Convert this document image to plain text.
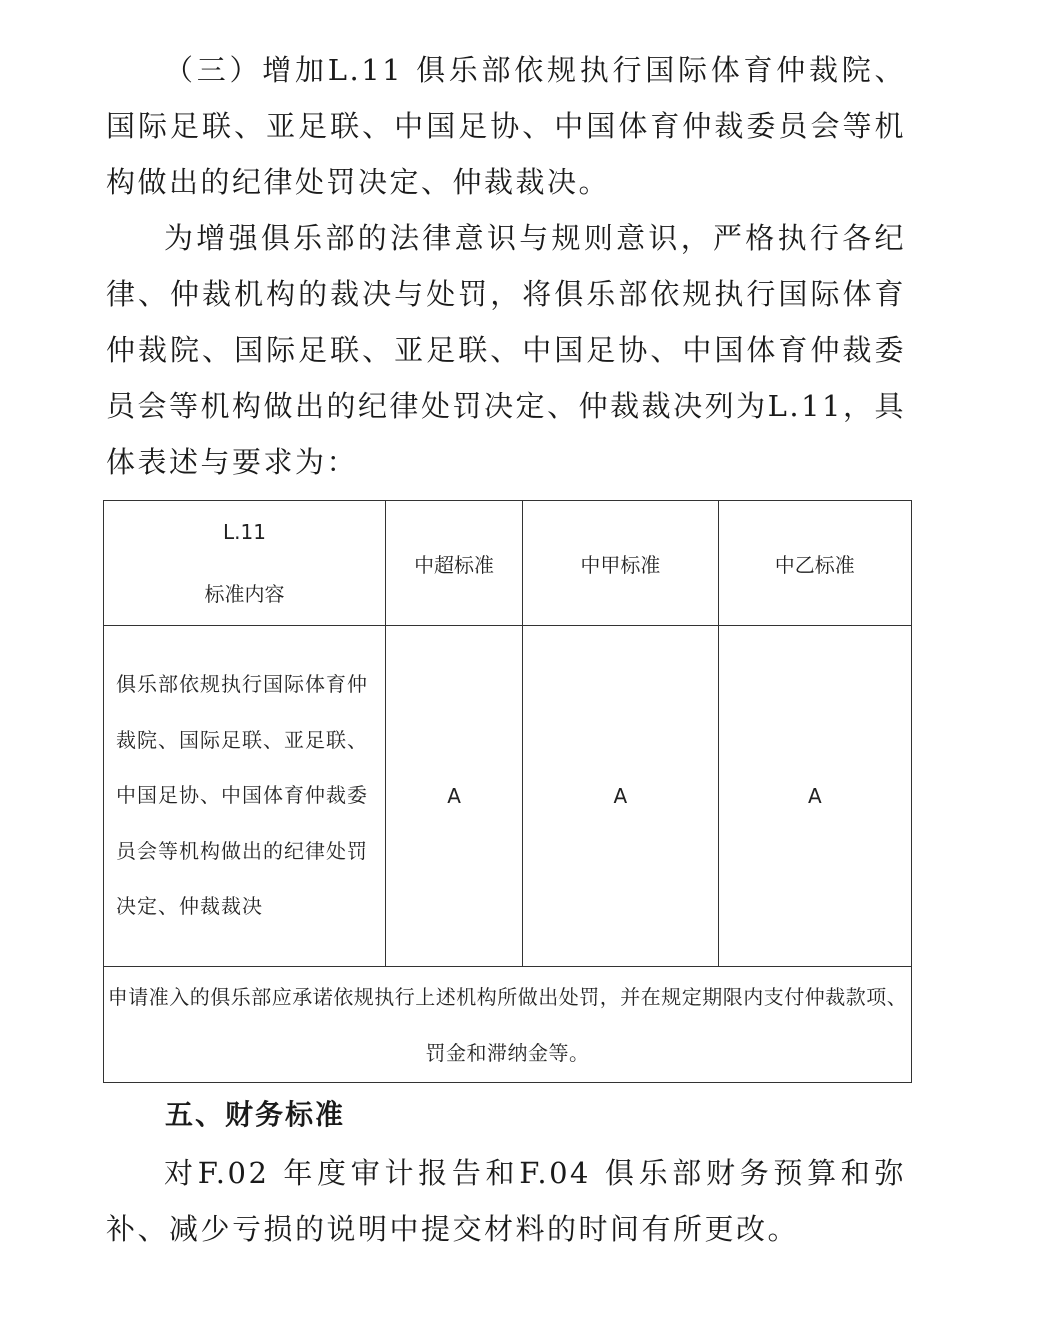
（三）增加L.11 俱乐部依规执行国际体育仲裁院、国际足联、亚足联、中国足协、中国体育仲裁委员会等机构做出的纪律处罚决定、仲裁裁决。

为增强俱乐部的法律意识与规则意识，严格执行各纪律、仲裁机构的裁决与处罚，将俱乐部依规执行国际体育仲裁院、国际足联、亚足联、中国足协、中国体育仲裁委员会等机构做出的纪律处罚决定、仲裁裁决列为L.11，具体表述与要求为：

L.11
标准内容	中超标准	中甲标准	中乙标准
俱乐部依规执行国际体育仲裁院、国际足联、亚足联、中国足协、中国体育仲裁委员会等机构做出的纪律处罚决定、仲裁裁决	A	A	A

申请准入的俱乐部应承诺依规执行上述机构所做出处罚，并在规定期限内支付仲裁款项、罚金和滞纳金等。			
五、财务标准

对F.02 年度审计报告和F.04 俱乐部财务预算和弥补、减少亏损的说明中提交材料的时间有所更改。
